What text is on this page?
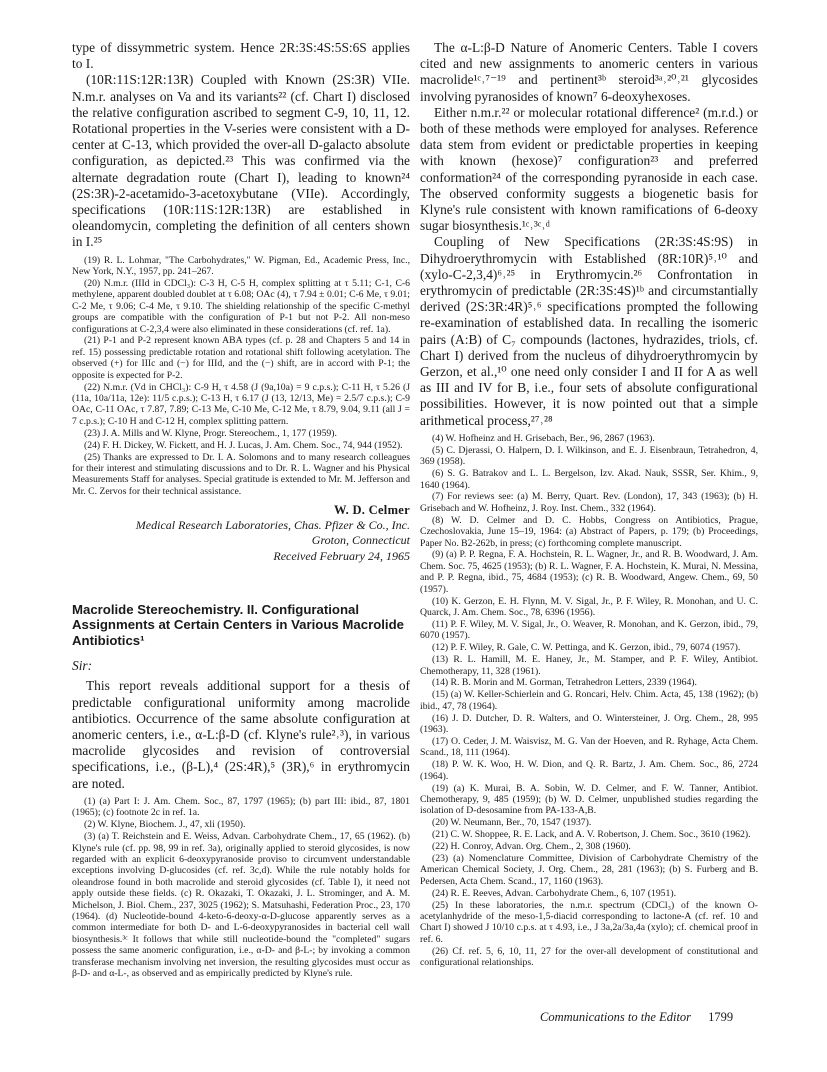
type of dissymmetric system. Hence 2R:3S:4S:5S:6S applies to I.

(10R:11S:12R:13R) Coupled with Known (2S:3R) VIIe. N.m.r. analyses on Va and its variants²² (cf. Chart I) disclosed the relative configuration ascribed to segment C-9, 10, 11, 12. Rotational properties in the V-series were consistent with a D-center at C-13, which provided the over-all D-galacto absolute configuration, as depicted.²³ This was confirmed via the alternate degradation route (Chart I), leading to known²⁴ (2S:3R)-2-acetamido-3-acetoxybutane (VIIe). Accordingly, specifications (10R:11S:12R:13R) are established in oleandomycin, completing the definition of all centers shown in I.²⁵

(19) R. L. Lohmar, "The Carbohydrates," W. Pigman, Ed., Academic Press, Inc., New York, N.Y., 1957, pp. 241–267.

(20) N.m.r. (IIId in CDCl₃): C-3 H, C-5 H, complex splitting at τ 5.11; C-1, C-6 methylene, apparent doubled doublet at τ 6.08; OAc (4), τ 7.94 ± 0.01; C-6 Me, τ 9.01; C-2 Me, τ 9.06; C-4 Me, τ 9.10. The shielding relationship of the specific C-methyl groups are compatible with the configuration of P-1 but not P-2. All non-meso configurations at C-2,3,4 were also eliminated in these considerations (cf. ref. 1a).

(21) P-1 and P-2 represent known ABA types (cf. p. 28 and Chapters 5 and 14 in ref. 15) possessing predictable rotation and rotational shift following acetylation. The observed (+) for IIIc and (−) for IIId, and the (−) shift, are in accord with P-1; the opposite is expected for P-2.

(22) N.m.r. (Vd in CHCl₃): C-9 H, τ 4.58 (J (9a,10a) = 9 c.p.s.); C-11 H, τ 5.26 (J (11a, 10a/11a, 12e): 11/5 c.p.s.); C-13 H, τ 6.17 (J (13, 12/13, Me) = 2.5/7 c.p.s.); C-9 OAc, C-11 OAc, τ 7.87, 7.89; C-13 Me, C-10 Me, C-12 Me, τ 8.79, 9.04, 9.11 (all J = 7 c.p.s.); C-10 H and C-12 H, complex splitting pattern.

(23) J. A. Mills and W. Klyne, Progr. Stereochem., 1, 177 (1959).

(24) F. H. Dickey, W. Fickett, and H. J. Lucas, J. Am. Chem. Soc., 74, 944 (1952).

(25) Thanks are expressed to Dr. I. A. Solomons and to many research colleagues for their interest and stimulating discussions and to Dr. R. L. Wagner and his Physical Measurements Staff for analyses. Special gratitude is extended to Mr. M. Jefferson and Mr. C. Zervos for their technical assistance.

W. D. Celmer
Medical Research Laboratories, Chas. Pfizer & Co., Inc.
Groton, Connecticut
Received February 24, 1965
Macrolide Stereochemistry. II. Configurational Assignments at Certain Centers in Various Macrolide Antibiotics¹
Sir:

This report reveals additional support for a thesis of predictable configurational uniformity among macrolide antibiotics. Occurrence of the same absolute configuration at anomeric centers, i.e., α-L:β-D (cf. Klyne's rule²˒³), in various macrolide glycosides and revision of controversial specifications, i.e., (β-L),⁴ (2S:4R),⁵ (3R),⁶ in erythromycin are noted.

(1) (a) Part I: J. Am. Chem. Soc., 87, 1797 (1965); (b) part III: ibid., 87, 1801 (1965); (c) footnote 2c in ref. 1a.

(2) W. Klyne, Biochem. J., 47, xli (1950).

(3) (a) T. Reichstein and E. Weiss, Advan. Carbohydrate Chem., 17, 65 (1962). (b) Klyne's rule (cf. pp. 98, 99 in ref. 3a), originally applied to steroid glycosides, is now regarded with an explicit 6-deoxypyranoside proviso to circumvent understandable exceptions involving D-glucosides (cf. ref. 3c,d). While the rule notably holds for oleandrose found in both macrolide and steroid glycosides (cf. Table I), it need not apply outside these fields. (c) R. Okazaki, T. Okazaki, J. L. Strominger, and A. M. Michelson, J. Biol. Chem., 237, 3025 (1962); S. Matsuhashi, Federation Proc., 23, 170 (1964). (d) Nucleotide-bound 4-keto-6-deoxy-α-D-glucose apparently serves as a common intermediate for both D- and L-6-deoxypyranosides in bacterial cell wall biosynthesis.³ᶜ It follows that while still nucleotide-bound the "completed" sugars possess the same anomeric configuration, i.e., α-D- and β-L-; by invoking a common transferase mechanism involving net inversion, the resulting glycosides must occur as β-D- and α-L-, as observed and as empirically predicted by Klyne's rule.

The α-L:β-D Nature of Anomeric Centers. Table I covers cited and new assignments to anomeric centers in various macrolide¹ᶜ˒⁷⁻¹⁹ and pertinent³ᵇ steroid³ᵃ˒²⁰˒²¹ glycosides involving pyranosides of known⁷ 6-deoxyhexoses.

Either n.m.r.²² or molecular rotational difference² (m.r.d.) or both of these methods were employed for analyses. Reference data stem from evident or predictable properties in keeping with known (hexose)⁷ configuration²³ and preferred conformation²⁴ of the corresponding pyranoside in each case. The observed conformity suggests a biogenetic basis for Klyne's rule consistent with known ramifications of 6-deoxy sugar biosynthesis.¹ᶜ˒³ᶜ˒ᵈ

Coupling of New Specifications (2R:3S:4S:9S) in Dihydroerythromycin with Established (8R:10R)⁵˒¹⁰ and (xylo-C-2,3,4)⁶˒²⁵ in Erythromycin.²⁶ Confrontation in erythromycin of predictable (2R:3S:4S)¹ᵇ and circumstantially derived (2S:3R:4R)⁵˒⁶ specifications prompted the following re-examination of established data. In recalling the isomeric pairs (A:B) of C₇ compounds (lactones, hydrazides, triols, cf. Chart I) derived from the nucleus of dihydroerythromycin by Gerzon, et al.,¹⁰ one need only consider I and II for A as well as III and IV for B, i.e., four sets of absolute configurational possibilities. However, it is now pointed out that a simple arithmetical process,²⁷˒²⁸

(4) W. Hofheinz and H. Grisebach, Ber., 96, 2867 (1963).

(5) C. Djerassi, O. Halpern, D. I. Wilkinson, and E. J. Eisenbraun, Tetrahedron, 4, 369 (1958).

(6) S. G. Batrakov and L. L. Bergelson, Izv. Akad. Nauk, SSSR, Ser. Khim., 9, 1640 (1964).

(7) For reviews see: (a) M. Berry, Quart. Rev. (London), 17, 343 (1963); (b) H. Grisebach and W. Hofheinz, J. Roy. Inst. Chem., 332 (1964).

(8) W. D. Celmer and D. C. Hobbs, Congress on Antibiotics, Prague, Czechoslovakia, June 15–19, 1964: (a) Abstract of Papers, p. 179; (b) Proceedings, Paper No. B2-262b, in press; (c) forthcoming complete manuscript.

(9) (a) P. P. Regna, F. A. Hochstein, R. L. Wagner, Jr., and R. B. Woodward, J. Am. Chem. Soc. 75, 4625 (1953); (b) R. L. Wagner, F. A. Hochstein, K. Murai, N. Messina, and P. P. Regna, ibid., 75, 4684 (1953); (c) R. B. Woodward, Angew. Chem., 69, 50 (1957).

(10) K. Gerzon, E. H. Flynn, M. V. Sigal, Jr., P. F. Wiley, R. Monohan, and U. C. Quarck, J. Am. Chem. Soc., 78, 6396 (1956).

(11) P. F. Wiley, M. V. Sigal, Jr., O. Weaver, R. Monohan, and K. Gerzon, ibid., 79, 6070 (1957).

(12) P. F. Wiley, R. Gale, C. W. Pettinga, and K. Gerzon, ibid., 79, 6074 (1957).

(13) R. L. Hamill, M. E. Haney, Jr., M. Stamper, and P. F. Wiley, Antibiot. Chemotherapy, 11, 328 (1961).

(14) R. B. Morin and M. Gorman, Tetrahedron Letters, 2339 (1964).

(15) (a) W. Keller-Schierlein and G. Roncari, Helv. Chim. Acta, 45, 138 (1962); (b) ibid., 47, 78 (1964).

(16) J. D. Dutcher, D. R. Walters, and O. Wintersteiner, J. Org. Chem., 28, 995 (1963).

(17) O. Ceder, J. M. Waisvisz, M. G. Van der Hoeven, and R. Ryhage, Acta Chem. Scand., 18, 111 (1964).

(18) P. W. K. Woo, H. W. Dion, and Q. R. Bartz, J. Am. Chem. Soc., 86, 2724 (1964).

(19) (a) K. Murai, B. A. Sobin, W. D. Celmer, and F. W. Tanner, Antibiot. Chemotherapy, 9, 485 (1959); (b) W. D. Celmer, unpublished studies regarding the isolation of D-desosamine from PA-133-A,B.

(20) W. Neumann, Ber., 70, 1547 (1937).

(21) C. W. Shoppee, R. E. Lack, and A. V. Robertson, J. Chem. Soc., 3610 (1962).

(22) H. Conroy, Advan. Org. Chem., 2, 308 (1960).

(23) (a) Nomenclature Committee, Division of Carbohydrate Chemistry of the American Chemical Society, J. Org. Chem., 28, 281 (1963); (b) S. Furberg and B. Pedersen, Acta Chem. Scand., 17, 1160 (1963).

(24) R. E. Reeves, Advan. Carbohydrate Chem., 6, 107 (1951).

(25) In these laboratories, the n.m.r. spectrum (CDCl₃) of the known O-acetylanhydride of the meso-1,5-diacid corresponding to lactone-A (cf. ref. 10 and Chart I) showed J 10/10 c.p.s. at τ 4.93, i.e., J 3a,2a/3a,4a (xylo); cf. chemical proof in ref. 6.

(26) Cf. ref. 5, 6, 10, 11, 27 for the over-all development of constitutional and configurational relationships.

Communications to the Editor 1799
